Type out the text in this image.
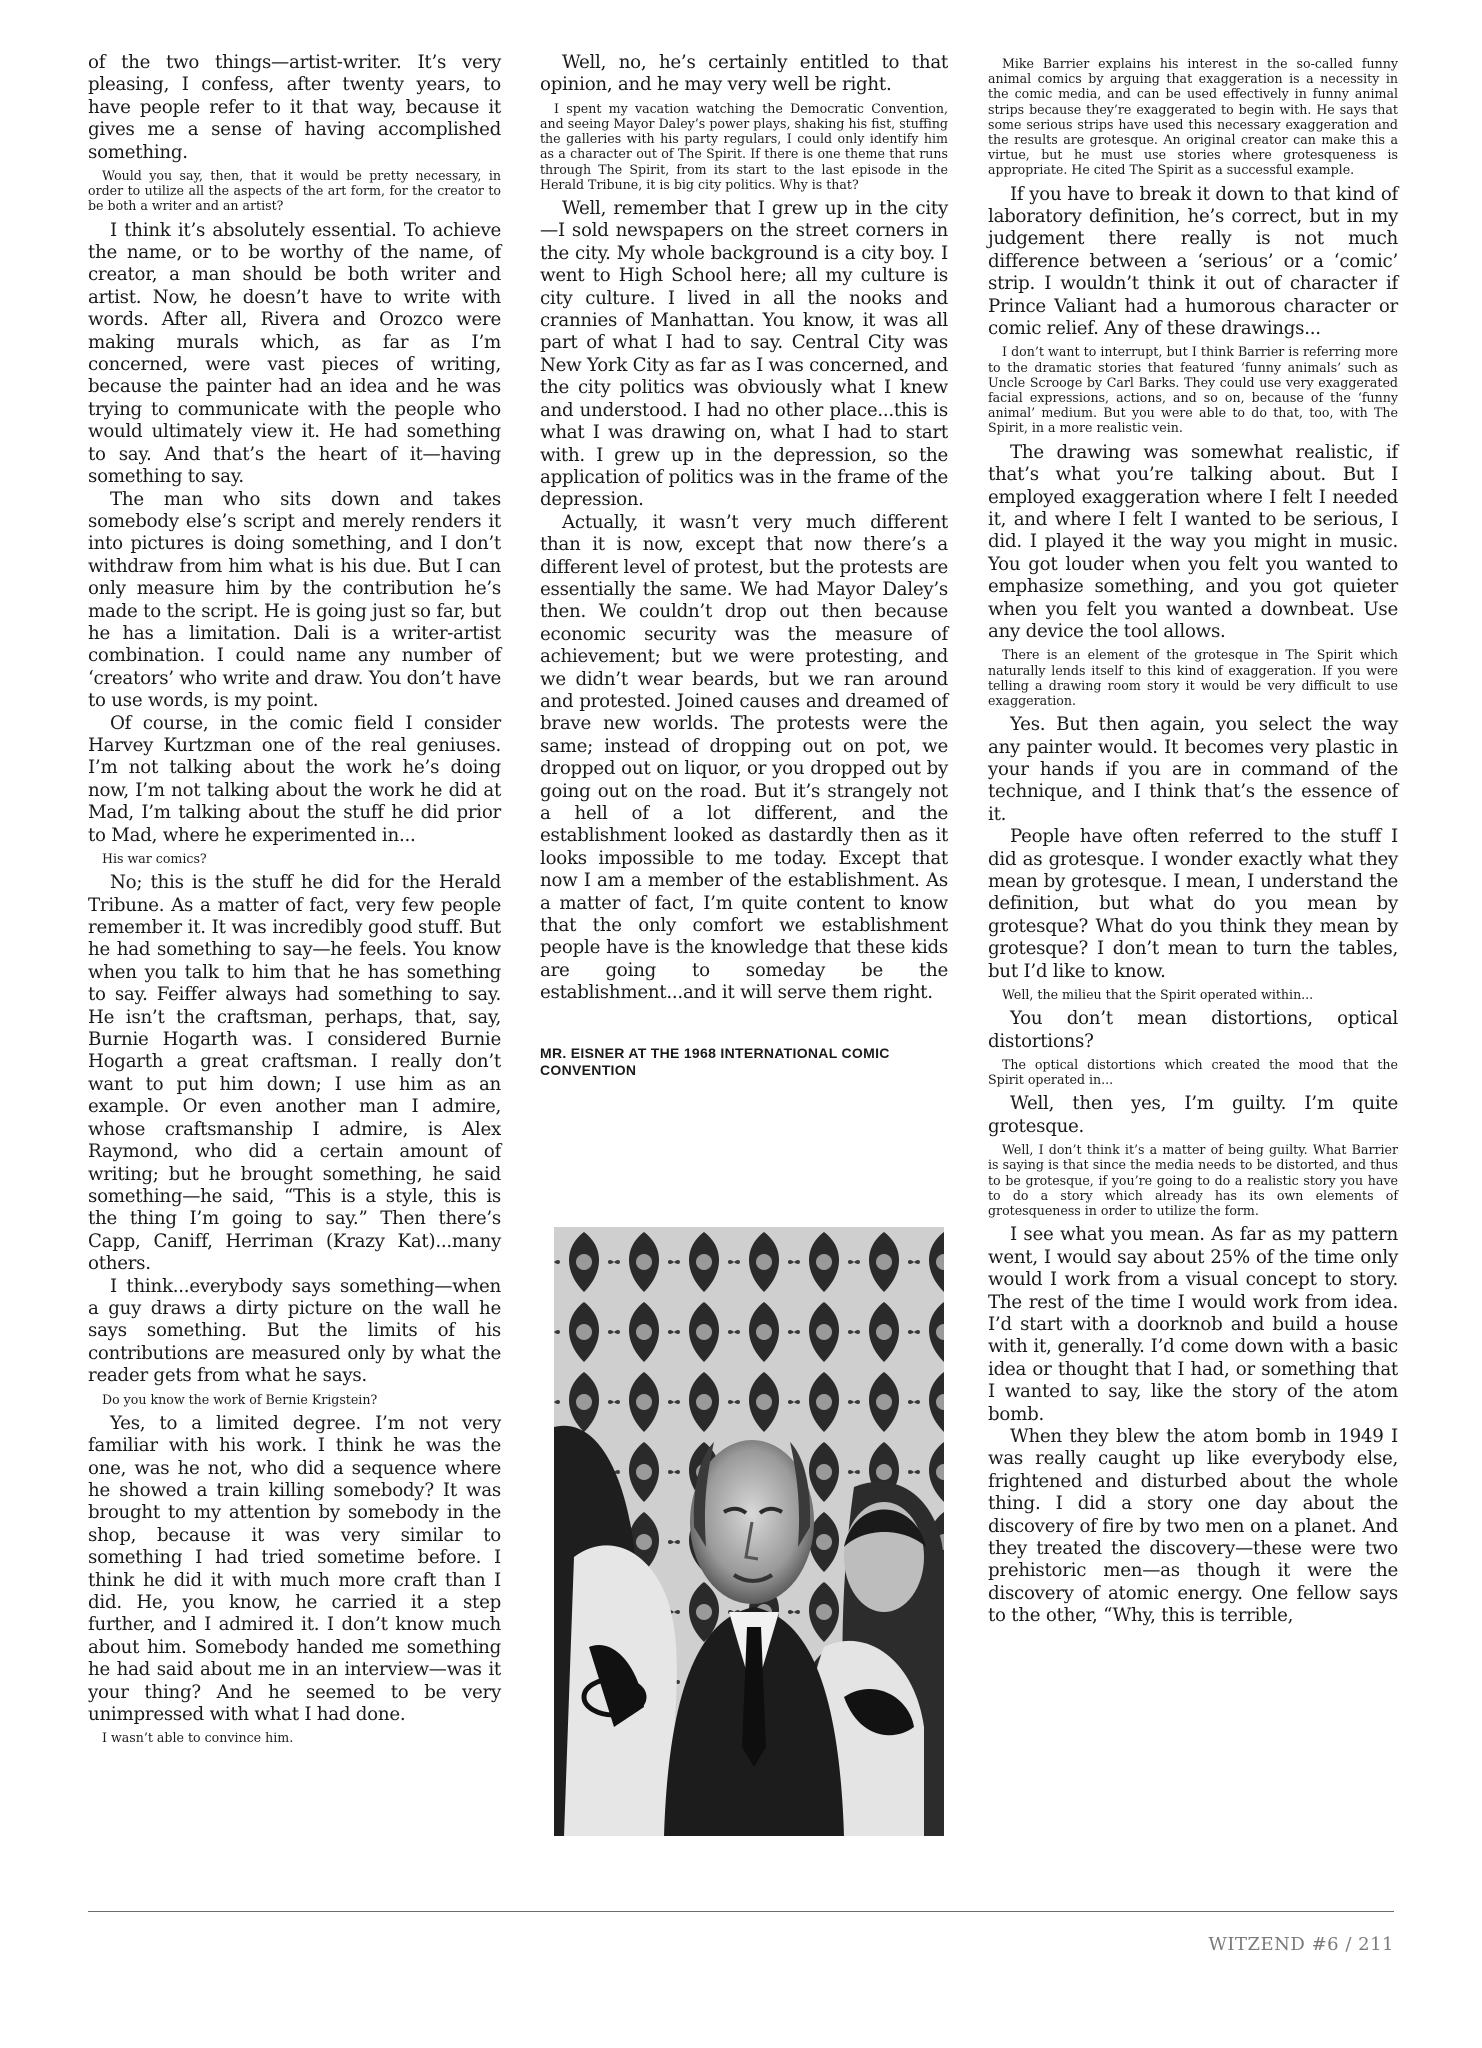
of the two things—artist-writer. It’s very pleasing, I confess, after twenty years, to have people refer to it that way, because it gives me a sense of having accomplished something.

Would you say, then, that it would be pretty necessary, in order to utilize all the aspects of the art form, for the creator to be both a writer and an artist?

I think it’s absolutely essential. To achieve the name, or to be worthy of the name, of creator, a man should be both writer and artist. Now, he doesn’t have to write with words. After all, Rivera and Orozco were making murals which, as far as I’m concerned, were vast pieces of writing, because the painter had an idea and he was trying to communicate with the people who would ultimately view it. He had something to say. And that’s the heart of it—having something to say.

The man who sits down and takes somebody else’s script and merely renders it into pictures is doing something, and I don’t withdraw from him what is his due. But I can only measure him by the contribution he’s made to the script. He is going just so far, but he has a limitation. Dali is a writer-artist combination. I could name any number of ‘creators’ who write and draw. You don’t have to use words, is my point.

Of course, in the comic field I consider Harvey Kurtzman one of the real geniuses. I’m not talking about the work he’s doing now, I’m not talking about the work he did at Mad, I’m talking about the stuff he did prior to Mad, where he experimented in...

His war comics?

No; this is the stuff he did for the Herald Tribune. As a matter of fact, very few people remember it. It was incredibly good stuff. But he had something to say—he feels. You know when you talk to him that he has something to say. Feiffer always had something to say. He isn’t the craftsman, perhaps, that, say, Burnie Hogarth was. I considered Burnie Hogarth a great craftsman. I really don’t want to put him down; I use him as an example. Or even another man I admire, whose craftsmanship I admire, is Alex Raymond, who did a certain amount of writing; but he brought something, he said something—he said, “This is a style, this is the thing I’m going to say.” Then there’s Capp, Caniff, Herriman (Krazy Kat)...many others.

I think...everybody says something—when a guy draws a dirty picture on the wall he says something. But the limits of his contributions are measured only by what the reader gets from what he says.

Do you know the work of Bernie Krigstein?

Yes, to a limited degree. I’m not very familiar with his work. I think he was the one, was he not, who did a sequence where he showed a train killing somebody? It was brought to my attention by somebody in the shop, because it was very similar to something I had tried sometime before. I think he did it with much more craft than I did. He, you know, he carried it a step further, and I admired it. I don’t know much about him. Somebody handed me something he had said about me in an interview—was it your thing? And he seemed to be very unimpressed with what I had done.

I wasn’t able to convince him.

Well, no, he’s certainly entitled to that opinion, and he may very well be right.

I spent my vacation watching the Democratic Convention, and seeing Mayor Daley’s power plays, shaking his fist, stuffing the galleries with his party regulars, I could only identify him as a character out of The Spirit. If there is one theme that runs through The Spirit, from its start to the last episode in the Herald Tribune, it is big city politics. Why is that?

Well, remember that I grew up in the city—I sold newspapers on the street corners in the city. My whole background is a city boy. I went to High School here; all my culture is city culture. I lived in all the nooks and crannies of Manhattan. You know, it was all part of what I had to say. Central City was New York City as far as I was concerned, and the city politics was obviously what I knew and understood. I had no other place...this is what I was drawing on, what I had to start with. I grew up in the depression, so the application of politics was in the frame of the depression.

Actually, it wasn’t very much different than it is now, except that now there’s a different level of protest, but the protests are essentially the same. We had Mayor Daley’s then. We couldn’t drop out then because economic security was the measure of achievement; but we were protesting, and we didn’t wear beards, but we ran around and protested. Joined causes and dreamed of brave new worlds. The protests were the same; instead of dropping out on pot, we dropped out on liquor, or you dropped out by going out on the road. But it’s strangely not a hell of a lot different, and the establishment looked as dastardly then as it looks impossible to me today. Except that now I am a member of the establishment. As a matter of fact, I’m quite content to know that the only comfort we establishment people have is the knowledge that these kids are going to someday be the establishment...and it will serve them right.

MR. EISNER AT THE 1968 INTERNATIONAL COMIC CONVENTION

Mike Barrier explains his interest in the so-called funny animal comics by arguing that exaggeration is a necessity in the comic media, and can be used effectively in funny animal strips because they’re exaggerated to begin with. He says that some serious strips have used this necessary exaggeration and the results are grotesque. An original creator can make this a virtue, but he must use stories where grotesqueness is appropriate. He cited The Spirit as a successful example.

If you have to break it down to that kind of laboratory definition, he’s correct, but in my judgement there really is not much difference between a ‘serious’ or a ‘comic’ strip. I wouldn’t think it out of character if Prince Valiant had a humorous character or comic relief. Any of these drawings...

I don’t want to interrupt, but I think Barrier is referring more to the dramatic stories that featured ‘funny animals’ such as Uncle Scrooge by Carl Barks. They could use very exaggerated facial expressions, actions, and so on, because of the ‘funny animal’ medium. But you were able to do that, too, with The Spirit, in a more realistic vein.

The drawing was somewhat realistic, if that’s what you’re talking about. But I employed exaggeration where I felt I needed it, and where I felt I wanted to be serious, I did. I played it the way you might in music. You got louder when you felt you wanted to emphasize something, and you got quieter when you felt you wanted a downbeat. Use any device the tool allows.

There is an element of the grotesque in The Spirit which naturally lends itself to this kind of exaggeration. If you were telling a drawing room story it would be very difficult to use exaggeration.

Yes. But then again, you select the way any painter would. It becomes very plastic in your hands if you are in command of the technique, and I think that’s the essence of it.

People have often referred to the stuff I did as grotesque. I wonder exactly what they mean by grotesque. I mean, I understand the definition, but what do you mean by grotesque? What do you think they mean by grotesque? I don’t mean to turn the tables, but I’d like to know.

Well, the milieu that the Spirit operated within...

You don’t mean distortions, optical distortions?

The optical distortions which created the mood that the Spirit operated in...

Well, then yes, I’m guilty. I’m quite grotesque.

Well, I don’t think it’s a matter of being guilty. What Barrier is saying is that since the media needs to be distorted, and thus to be grotesque, if you’re going to do a realistic story you have to do a story which already has its own elements of grotesqueness in order to utilize the form.

I see what you mean. As far as my pattern went, I would say about 25% of the time only would I work from a visual concept to story. The rest of the time I would work from idea. I’d start with a doorknob and build a house with it, generally. I’d come down with a basic idea or thought that I had, or something that I wanted to say, like the story of the atom bomb.

When they blew the atom bomb in 1949 I was really caught up like everybody else, frightened and disturbed about the whole thing. I did a story one day about the discovery of fire by two men on a planet. And they treated the discovery—these were two prehistoric men—as though it were the discovery of atomic energy. One fellow says to the other, “Why, this is terrible,

WITZEND #6 / 211
